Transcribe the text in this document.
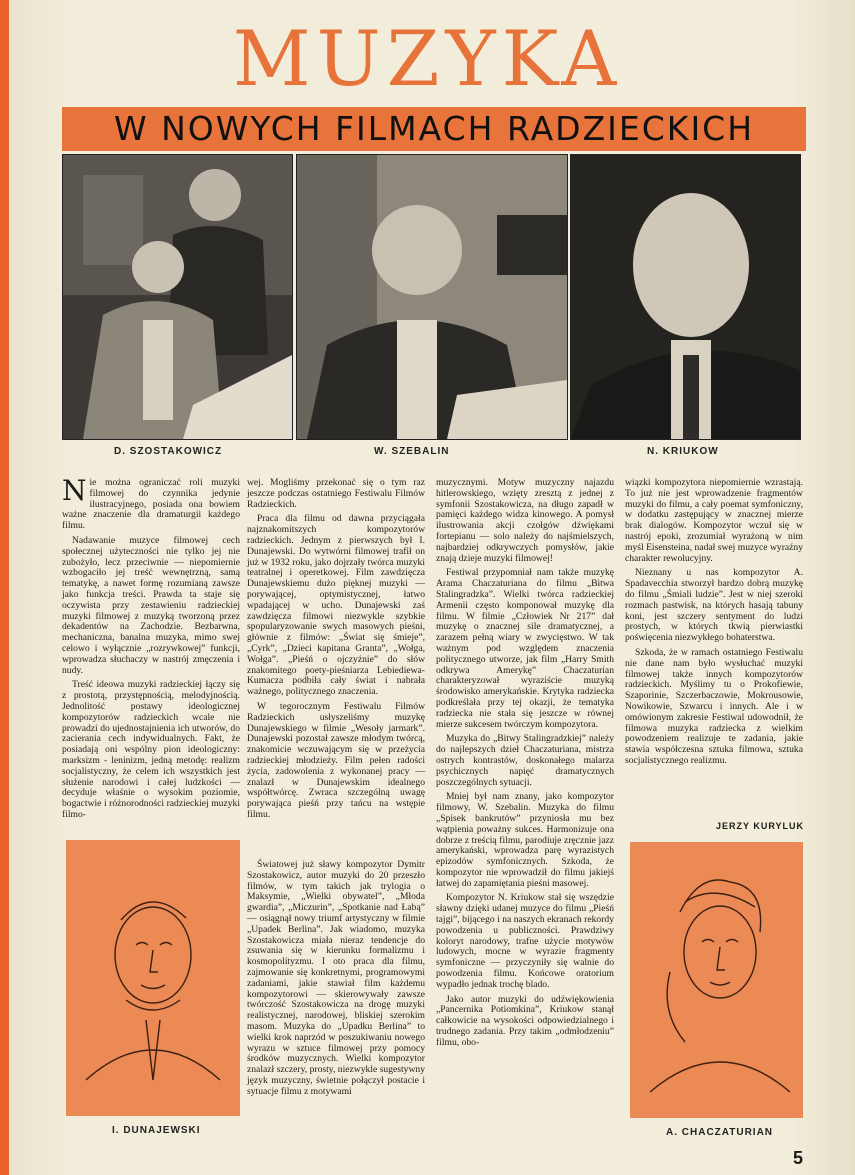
MUZYKA
W NOWYCH FILMACH RADZIECKICH
D. SZOSTAKOWICZ	W. SZEBALIN	N. KRIUKOW

Nie można ograniczać roli muzyki filmowej do czynnika jedynie ilustracyjnego, posiada ona bowiem ważne znaczenie dla dramaturgii każdego filmu.

Nadawanie muzyce filmowej cech społecznej użyteczności nie tylko jej nie zubożyło, lecz przeciwnie — niepomiernie wzbogaciło jej treść wewnętrzną, samą tematykę, a nawet formę rozumianą zawsze jako funkcja treści. Prawda ta staje się oczywista przy zestawieniu radzieckiej muzyki filmowej z muzyką tworzoną przez dekadentów na Zachodzie. Bezbarwna, mechaniczna, banalna muzyka, mimo swej celowo i wyłącznie „rozrywkowej” funkcji, wprowadza słuchaczy w nastrój zmęczenia i nudy.

Treść ideowa muzyki radzieckiej łączy się z prostotą, przystępnością, melodyjnością. Jednolitość postawy ideologicznej kompozytorów radzieckich wcale nie prowadzi do ujednostajnienia ich utworów, do zacierania cech indywidualnych. Fakt, że posiadają oni wspólny pion ideologiczny: marksizm - leninizm, jedną metodę: realizm socjalistyczny, że celem ich wszystkich jest służenie narodowi i całej ludzkości — decyduje właśnie o wysokim poziomie, bogactwie i różnorodności radzieckiej muzyki filmo-

wej. Mogliśmy przekonać się o tym raz jeszcze podczas ostatniego Festiwalu Filmów Radzieckich.

Praca dla filmu od dawna przyciągała najznakomitszych kompozytorów radzieckich. Jednym z pierwszych był I. Dunajewski. Do wytwórni filmowej trafił on już w 1932 roku, jako dojrzały twórca muzyki teatralnej i operetkowej. Film zawdzięcza Dunajewskiemu dużo pięknej muzyki — porywającej, optymistycznej, łatwo wpadającej w ucho. Dunajewski zaś zawdzięcza filmowi niezwykle szybkie spopularyzowanie swych masowych pieśni, głównie z filmów: „Świat się śmieje”, „Cyrk”, „Dzieci kapitana Granta”, „Wołga, Wołga”. „Pieśń o ojczyźnie” do słów znakomitego poety-pieśniarza Lebiediewa-Kumacza podbiła cały świat i nabrała ważnego, politycznego znaczenia.

W tegorocznym Festiwalu Filmów Radzieckich usłyszeliśmy muzykę Dunajewskiego w filmie „Wesoły jarmark”. Dunajewski pozostał zawsze młodym twórcą, znakomicie wczuwającym się w przeżycia radzieckiej młodzieży. Film pełen radości życia, zadowolenia z wykonanej pracy — znalazł w Dunajewskim idealnego współtwórcę. Zwraca szczególną uwagę porywająca pieśń przy tańcu na wstępie filmu.

Światowej już sławy kompozytor Dymitr Szostakowicz, autor muzyki do 20 przeszło filmów, w tym takich jak trylogia o Maksymie, „Wielki obywatel”, „Młoda gwardia”, „Miczurin”, „Spotkanie nad Łabą” — osiągnął nowy triumf artystyczny w filmie „Upadek Berlina”. Jak wiadomo, muzyka Szostakowicza miała nieraz tendencje do zsuwania się w kierunku formalizmu i kosmopolityzmu. I oto praca dla filmu, zajmowanie się konkretnymi, programowymi zadaniami, jakie stawiał film każdemu kompozytorowi — skierowywały zawsze twórczość Szostakowicza na drogę muzyki realistycznej, narodowej, bliskiej szerokim masom. Muzyka do „Upadku Berlina” to wielki krok naprzód w poszukiwaniu nowego wyrazu w sztuce filmowej przy pomocy środków muzycznych. Wielki kompozytor znalazł szczery, prosty, niezwykle sugestywny język muzyczny, świetnie połączył postacie i sytuacje filmu z motywami

muzycznymi. Motyw muzyczny najazdu hitlerowskiego, wzięty zresztą z jednej z symfonii Szostakowicza, na długo zapadł w pamięci każdego widza kinowego. A pomysł ilustrowania akcji czołgów dźwiękami fortepianu — solo należy do najśmielszych, najbardziej odkrywczych pomysłów, jakie znają dzieje muzyki filmowej!

Festiwal przypomniał nam także muzykę Arama Chaczaturiana do filmu „Bitwa Stalingradzka”. Wielki twórca radzieckiej Armenii często komponował muzykę dla filmu. W filmie „Człowiek Nr 217” dał muzykę o znacznej sile dramatycznej, a zarazem pełną wiary w zwycięstwo. W tak ważnym pod względem znaczenia politycznego utworze, jak film „Harry Smith odkrywa Amerykę” Chaczaturian charakteryzował wyraziście muzyką środowisko amerykańskie. Krytyka radziecka podkreślała przy tej okazji, że tematyka radziecka nie stała się jeszcze w równej mierze sukcesem twórczym kompozytora.

Muzyka do „Bitwy Stalingradzkiej” należy do najlepszych dzieł Chaczaturiana, mistrza ostrych kontrastów, doskonałego malarza psychicznych napięć dramatycznych poszczególnych sytuacji.

Mniej był nam znany, jako kompozytor filmowy, W. Szebalin. Muzyka do filmu „Spisek bankrutów” przyniosła mu bez wątpienia poważny sukces. Harmonizuje ona dobrze z treścią filmu, parodiuje zręcznie jazz amerykański, wprowadza parę wyrazistych epizodów symfonicznych. Szkoda, że kompozytor nie wprowadził do filmu jakiejś łatwej do zapamiętania pieśni masowej.

Kompozytor N. Kriukow stał się wszędzie sławny dzięki udanej muzyce do filmu „Pieśń tajgi”, bijącego i na naszych ekranach rekordy powodzenia u publiczności. Prawdziwy koloryt narodowy, trafne użycie motywów ludowych, mocne w wyrazie fragmenty symfoniczne — przyczyniły się walnie do powodzenia filmu. Końcowe oratorium wypadło jednak trochę blado.

Jako autor muzyki do udźwiękowienia „Pancernika Potiomkina”, Kriukow stanął całkowicie na wysokości odpowiedzialnego i trudnego zadania. Przy takim „odmłodzeniu” filmu, obo-

wiązki kompozytora niepomiernie wzrastają. To już nie jest wprowadzenie fragmentów muzyki do filmu, a cały poemat symfoniczny, w dodatku zastępujący w znacznej mierze brak dialogów. Kompozytor wczuł się w nastrój epoki, zrozumiał wyrażoną w nim myśl Eisensteina, nadał swej muzyce wyraźny charakter rewolucyjny.

Nieznany u nas kompozytor A. Spadavecchia stworzył bardzo dobrą muzykę do filmu „Śmiali ludzie”. Jest w niej szeroki rozmach pastwisk, na których hasają tabuny koni, jest szczery sentyment do ludzi prostych, w których tkwią pierwiastki poświęcenia niezwykłego bohaterstwa.

Szkoda, że w ramach ostatniego Festiwalu nie dane nam było wysłuchać muzyki filmowej także innych kompozytorów radzieckich. Myślimy tu o Prokofiewie, Szaporinie, Szczerbaczowie, Mokrousowie, Nowikowie, Szwarcu i innych. Ale i w omówionym zakresie Festiwal udowodnił, że filmowa muzyka radziecka z wielkim powodzeniem realizuje te zadania, jakie stawia współczesna sztuka filmowa, sztuka socjalistycznego realizmu.

JERZY KURYLUK
I. DUNAJEWSKI	A. CHACZATURIAN
5
